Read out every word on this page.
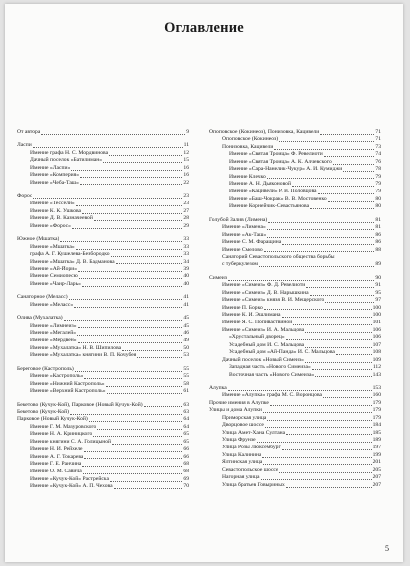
Оглавление
От автора	9
Ласпи	11
Имение графа Н. С. Мордвинова	12
Дачный поселок «Батилиман»	15
Имение «Ласпи»	16
Имение «Комперия»	16
Имение «Чеба-Таш»	22
Форос	23
Имение «Тессели»	23
Имение К. К. Ушкова	27
Имение Д. В. Казначеевой	28
Имение «Форос»	29
Южное (Мшатка)	33
Имение «Мшатка»	33
графа А. Г. Кушелева-Безбородко	33
Имение «Мшатка» Д. В. Бадманова	34
Имение «Ай-Йори»	39
Имение Семиопесю	40
Имение «Чаир-Ларь»	40
Санаторное (Меласс)	41
Имение «Меласс»	41
Олива (Мухалатка)	45
Имение «Лимнеиз»	45
Имение «Мегалей»	46
Имение «Мердвен»	49
Имение «Мухалатка» Н. В. Шипилова	50
Имение «Мухалатка» княгини В. П. Кочубея	53
Береговое (Кастрополь)	55
Имение «Кастрополь»	55
Имение «Нижний Кастрополь»	58
Имение «Верхний Кастрополь»	61
Бекетово (Кучук-Кой), Парковое (Новый Кучук-Кой)	63
Бекетово (Кучук-Кой)	63
Парковое (Новый Кучук-Кой)	64
Имение Г. М. Мазуровского	64
Имение Н. А. Криницкого	65
Имение княгини С. А. Голицыной	65
Имение Н. И. Рейхеле	66
Имение А. Г. Токарева	66
Имение Г. Е. Ранчина	68
Имение О. М. Савича	68
Имение «Кучук-Кой» Растрейска	69
Имение «Кучук-Кой» А. П. Чехова	70
Опоповское (Кокинеоз), Понизовка, Кацивели	71
Опоповское (Кокинеоз)	71
Понизовка, Кацивели	73
Имение «Святая Троица» Ф. Ревелиоти	74
Имение «Святая Троица» А. К. Алчевского	76
Имение «Сара-Нанелик-Чукур» А. И. Кумиджи	78
Имение Клечко	79
Имение А. Н. Дьяконовой	79
Имение «Кацивели» Р. В. Половцова	79
Имение «Баш-Чокрак» В. В. Мостовенко	80
Имение Корнейчик-Севастьянова	80
Голубой Залив (Лимена)	81
Имение «Лимена»	81
Имение «Ак-Таш»	86
Имение С. М. Фаращина	86
Имение Смелово	88
Санаторий Севастопольского общества борьбы
с туберкулезом	89
Симеиз	90
Имение «Симеиз» Ф. Д. Ревелиоти	91
Имение «Симеиз» Д. В. Нарышкина	95
Имение «Симеиз» князя В. И. Мещерского	97
Имение П. Борко	100
Имение К. И. Эшлимана	100
Имение Я. С. Попиваствиной	101
Имение «Симеиз» И. А. Мальцова	106
«Хрустальный дворец»	106
Усадебный дом И. С. Мальцова	107
Усадебный дом «Ай-Панда» И. С. Мальцова	108
Дачный поселок «Новый Симеиз»	109
Западная часть «Нового Симеиза»	112
Восточная часть «Нового Симеиза»	143
Алупка	153
Имение «Алупка» графа М. С. Воронцова	160
Прочие имения в Алупке	179
Улицы и дома Алупки	179
Приморская улица	179
Дворцовое шоссе	184
Улица Амет-Хана Султана	185
Улица Фрунзе	189
Улица Розы Люксембург	197
Улица Калинина	199
Ялтинская улица	201
Севастопольское шоссе	205
Нагорная улица	207
Улица братьев Говыриных	207
5
